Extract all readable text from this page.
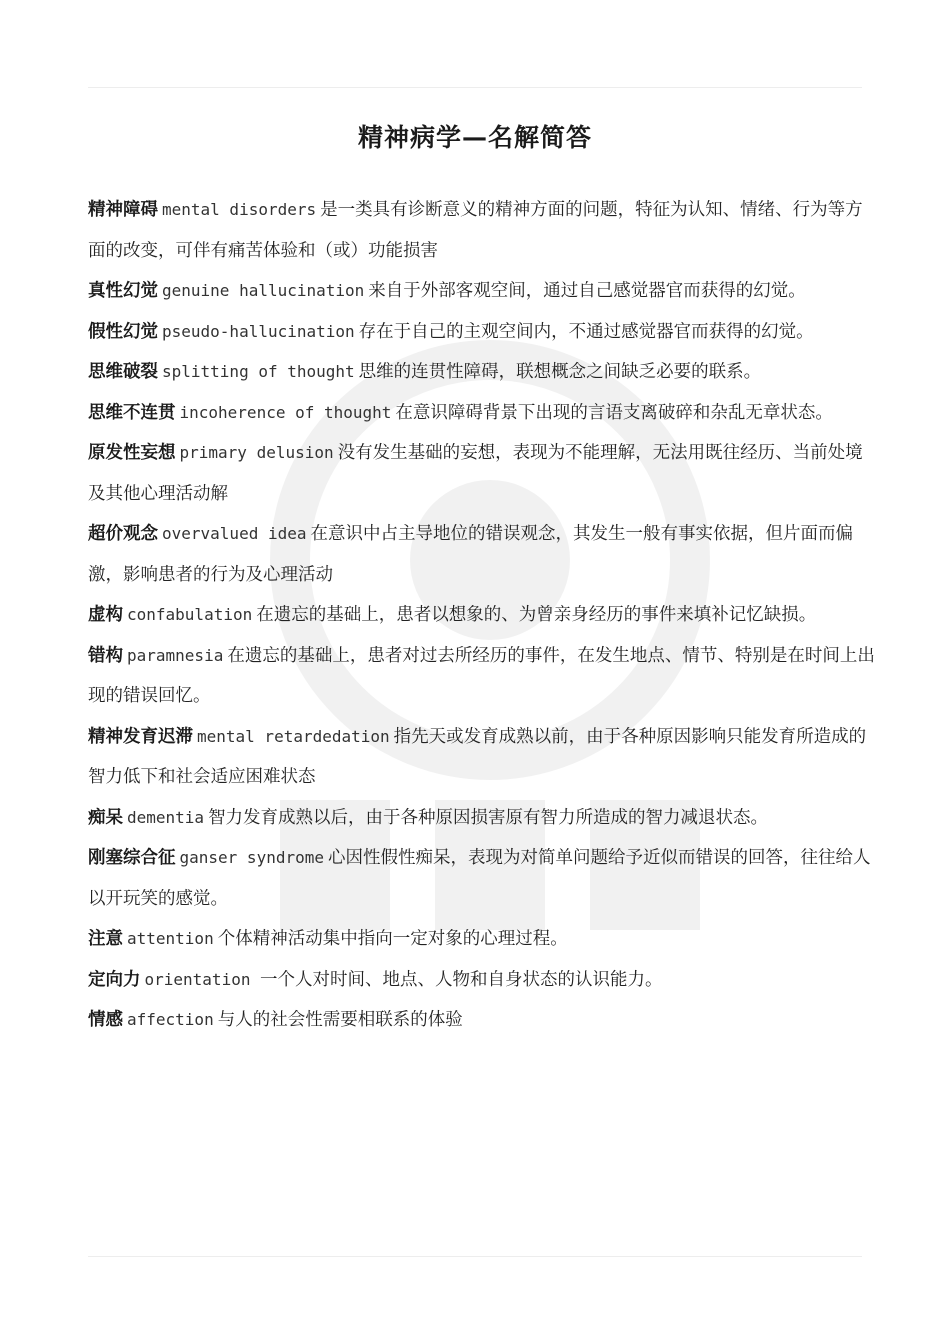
精神病学—名解简答

精神障碍 mental disorders 是一类具有诊断意义的精神方面的问题，特征为认知、情绪、行为等方面的改变，可伴有痛苦体验和（或）功能损害

真性幻觉 genuine hallucination 来自于外部客观空间，通过自己感觉器官而获得的幻觉。

假性幻觉 pseudo-hallucination 存在于自己的主观空间内，不通过感觉器官而获得的幻觉。

思维破裂 splitting of thought 思维的连贯性障碍，联想概念之间缺乏必要的联系。

思维不连贯 incoherence of thought 在意识障碍背景下出现的言语支离破碎和杂乱无章状态。

原发性妄想 primary delusion 没有发生基础的妄想，表现为不能理解，无法用既往经历、当前处境及其他心理活动解

超价观念 overvalued idea 在意识中占主导地位的错误观念，其发生一般有事实依据，但片面而偏激，影响患者的行为及心理活动

虚构 confabulation 在遗忘的基础上，患者以想象的、为曾亲身经历的事件来填补记忆缺损。

错构 paramnesia 在遗忘的基础上，患者对过去所经历的事件，在发生地点、情节、特别是在时间上出现的错误回忆。

精神发育迟滞 mental retardedation 指先天或发育成熟以前，由于各种原因影响只能发育所造成的智力低下和社会适应困难状态

痴呆 dementia 智力发育成熟以后，由于各种原因损害原有智力所造成的智力减退状态。

刚塞综合征 ganser syndrome 心因性假性痴呆，表现为对简单问题给予近似而错误的回答，往往给人以开玩笑的感觉。

注意 attention 个体精神活动集中指向一定对象的心理过程。

定向力 orientation 一个人对时间、地点、人物和自身状态的认识能力。

情感 affection 与人的社会性需要相联系的体验
